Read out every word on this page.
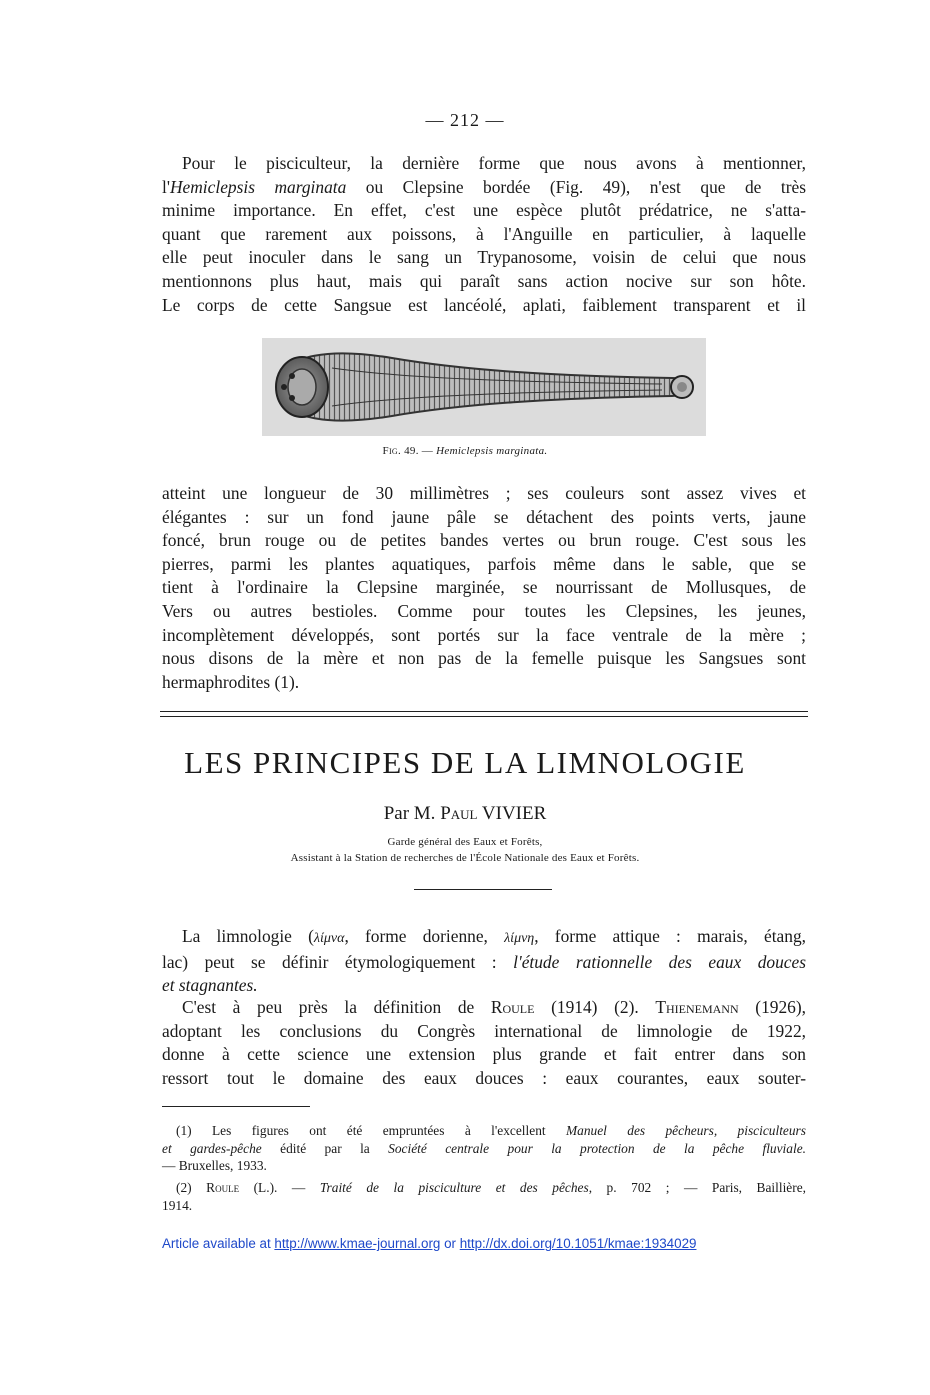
— 212 —
Pour le pisciculteur, la dernière forme que nous avons à mentionner,
l'Hemiclepsis marginata ou Clepsine bordée (Fig. 49), n'est que de très
minime importance. En effet, c'est une espèce plutôt prédatrice, ne s'atta-
quant que rarement aux poissons, à l'Anguille en particulier, à laquelle
elle peut inoculer dans le sang un Trypanosome, voisin de celui que nous
mentionnons plus haut, mais qui paraît sans action nocive sur son hôte.
Le corps de cette Sangsue est lancéolé, aplati, faiblement transparent et il
Fig. 49. — Hemiclepsis marginata.
atteint une longueur de 30 millimètres ; ses couleurs sont assez vives et
élégantes : sur un fond jaune pâle se détachent des points verts, jaune
foncé, brun rouge ou de petites bandes vertes ou brun rouge. C'est sous les
pierres, parmi les plantes aquatiques, parfois même dans le sable, que se
tient à l'ordinaire la Clepsine marginée, se nourrissant de Mollusques, de
Vers ou autres bestioles. Comme pour toutes les Clepsines, les jeunes,
incomplètement développés, sont portés sur la face ventrale de la mère ;
nous disons de la mère et non pas de la femelle puisque les Sangsues sont
hermaphrodites (1).
LES PRINCIPES DE LA LIMNOLOGIE
Par M. Paul VIVIER
Garde général des Eaux et Forêts,
Assistant à la Station de recherches de l'École Nationale des Eaux et Forêts.
La limnologie (λίμνα, forme dorienne, λίμνη, forme attique : marais, étang,
lac) peut se définir étymologiquement : l'étude rationnelle des eaux douces
et stagnantes.
C'est à peu près la définition de Roule (1914) (2). Thienemann (1926),
adoptant les conclusions du Congrès international de limnologie de 1922,
donne à cette science une extension plus grande et fait entrer dans son
ressort tout le domaine des eaux douces : eaux courantes, eaux souter-
(1) Les figures ont été empruntées à l'excellent Manuel des pêcheurs, pisciculteurs
et gardes-pêche édité par la Société centrale pour la protection de la pêche fluviale.
— Bruxelles, 1933.
(2) Roule (L.). — Traité de la pisciculture et des pêches, p. 702 ; — Paris, Baillière,
1914.
Article available at http://www.kmae-journal.org or http://dx.doi.org/10.1051/kmae:1934029
